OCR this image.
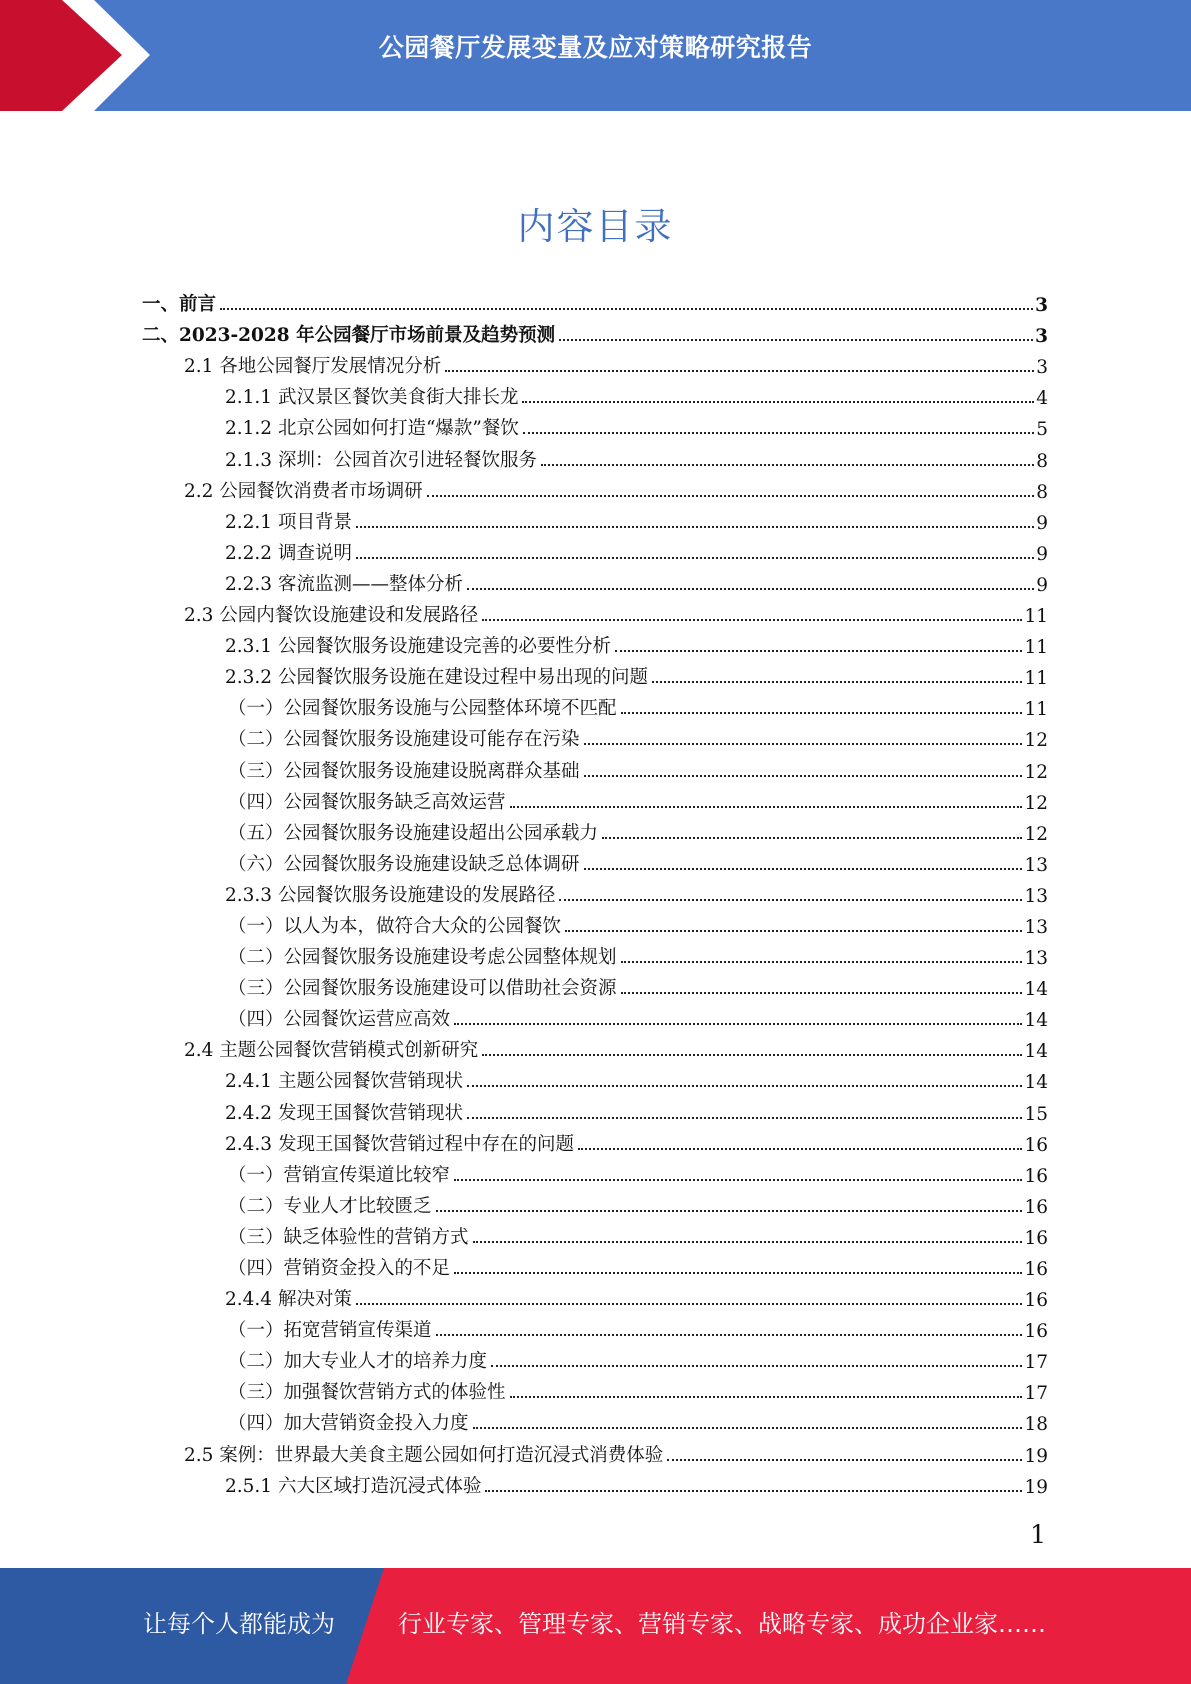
公园餐厅发展变量及应对策略研究报告
内容目录
一、前言	3
二、2023-2028 年公园餐厅市场前景及趋势预测	3
2.1 各地公园餐厅发展情况分析	3
2.1.1 武汉景区餐饮美食街大排长龙	4
2.1.2 北京公园如何打造“爆款”餐饮	5
2.1.3 深圳：公园首次引进轻餐饮服务	8
2.2 公园餐饮消费者市场调研	8
2.2.1 项目背景	9
2.2.2 调查说明	9
2.2.3 客流监测——整体分析	9
2.3 公园内餐饮设施建设和发展路径	11
2.3.1 公园餐饮服务设施建设完善的必要性分析	11
2.3.2 公园餐饮服务设施在建设过程中易出现的问题	11
（一）公园餐饮服务设施与公园整体环境不匹配	11
（二）公园餐饮服务设施建设可能存在污染	12
（三）公园餐饮服务设施建设脱离群众基础	12
（四）公园餐饮服务缺乏高效运营	12
（五）公园餐饮服务设施建设超出公园承载力	12
（六）公园餐饮服务设施建设缺乏总体调研	13
2.3.3 公园餐饮服务设施建设的发展路径	13
（一）以人为本，做符合大众的公园餐饮	13
（二）公园餐饮服务设施建设考虑公园整体规划	13
（三）公园餐饮服务设施建设可以借助社会资源	14
（四）公园餐饮运营应高效	14
2.4 主题公园餐饮营销模式创新研究	14
2.4.1 主题公园餐饮营销现状	14
2.4.2 发现王国餐饮营销现状	15
2.4.3 发现王国餐饮营销过程中存在的问题	16
（一）营销宣传渠道比较窄	16
（二）专业人才比较匮乏	16
（三）缺乏体验性的营销方式	16
（四）营销资金投入的不足	16
2.4.4 解决对策	16
（一）拓宽营销宣传渠道	16
（二）加大专业人才的培养力度	17
（三）加强餐饮营销方式的体验性	17
（四）加大营销资金投入力度	18
2.5 案例：世界最大美食主题公园如何打造沉浸式消费体验	19
2.5.1 六大区域打造沉浸式体验	19
1
让每个人都能成为	行业专家、管理专家、营销专家、战略专家、成功企业家……
